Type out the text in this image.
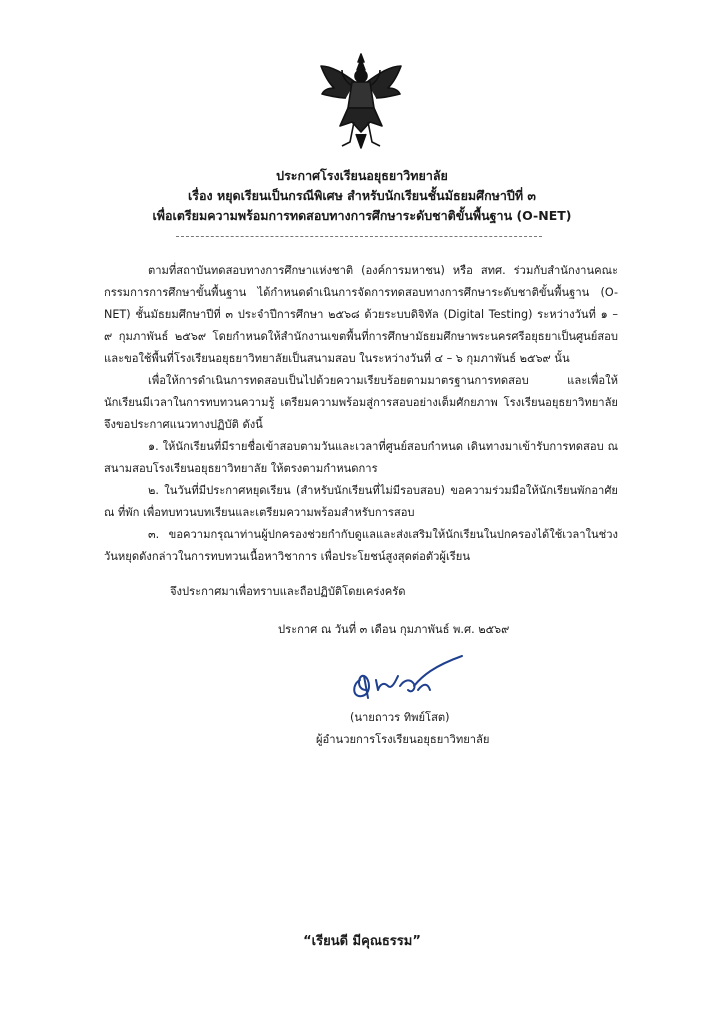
ประกาศโรงเรียนอยุธยาวิทยาลัย
เรื่อง หยุดเรียนเป็นกรณีพิเศษ สำหรับนักเรียนชั้นมัธยมศึกษาปีที่ ๓
เพื่อเตรียมความพร้อมการทดสอบทางการศึกษาระดับชาติขั้นพื้นฐาน (O-NET)
ตามที่สถาบันทดสอบทางการศึกษาแห่งชาติ (องค์การมหาชน) หรือ สทศ. ร่วมกับสำนักงานคณะกรรมการการศึกษาขั้นพื้นฐาน ได้กำหนดดำเนินการจัดการทดสอบทางการศึกษาระดับชาติขั้นพื้นฐาน (O-NET) ชั้นมัธยมศึกษาปีที่ ๓ ประจำปีการศึกษา ๒๕๖๘ ด้วยระบบดิจิทัล (Digital Testing) ระหว่างวันที่ ๑ – ๙ กุมภาพันธ์ ๒๕๖๙ โดยกำหนดให้สำนักงานเขตพื้นที่การศึกษามัธยมศึกษาพระนครศรีอยุธยาเป็นศูนย์สอบ และขอใช้พื้นที่โรงเรียนอยุธยาวิทยาลัยเป็นสนามสอบ ในระหว่างวันที่ ๔ – ๖ กุมภาพันธ์ ๒๕๖๙ นั้น
เพื่อให้การดำเนินการทดสอบเป็นไปด้วยความเรียบร้อยตามมาตรฐานการทดสอบ และเพื่อให้นักเรียนมีเวลาในการทบทวนความรู้ เตรียมความพร้อมสู่การสอบอย่างเต็มศักยภาพ โรงเรียนอยุธยาวิทยาลัยจึงขอประกาศแนวทางปฏิบัติ ดังนี้
๑. ให้นักเรียนที่มีรายชื่อเข้าสอบตามวันและเวลาที่ศูนย์สอบกำหนด เดินทางมาเข้ารับการทดสอบ ณ สนามสอบโรงเรียนอยุธยาวิทยาลัย ให้ตรงตามกำหนดการ
๒. ในวันที่มีประกาศหยุดเรียน (สำหรับนักเรียนที่ไม่มีรอบสอบ) ขอความร่วมมือให้นักเรียนพักอาศัย ณ ที่พัก เพื่อทบทวนบทเรียนและเตรียมความพร้อมสำหรับการสอบ
๓. ขอความกรุณาท่านผู้ปกครองช่วยกำกับดูแลและส่งเสริมให้นักเรียนในปกครองได้ใช้เวลาในช่วงวันหยุดดังกล่าวในการทบทวนเนื้อหาวิชาการ เพื่อประโยชน์สูงสุดต่อตัวผู้เรียน
จึงประกาศมาเพื่อทราบและถือปฏิบัติโดยเคร่งครัด
ประกาศ ณ วันที่ ๓ เดือน กุมภาพันธ์ พ.ศ. ๒๕๖๙
(นายถาวร ทิพย์โสต)
ผู้อำนวยการโรงเรียนอยุธยาวิทยาลัย
“เรียนดี มีคุณธรรม”
